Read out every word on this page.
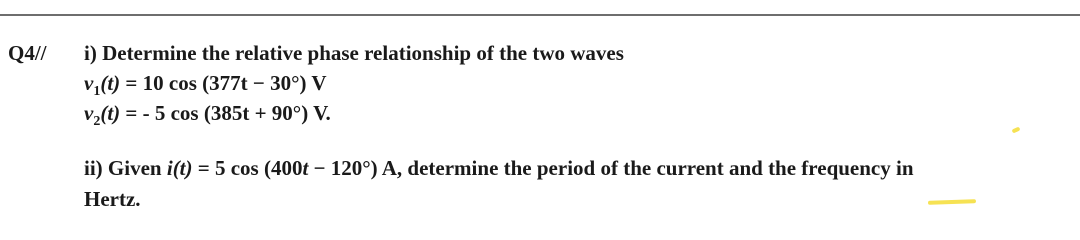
Q4// i) Determine the relative phase relationship of the two waves
$v_1(t) = 10$ cos (377t − 30°) V
$v_2(t)$ = - 5 cos (385t + 90°) V.
ii) Given i(t) = 5 cos (400t − 120°) A, determine the period of the current and the frequency in
Hertz.
